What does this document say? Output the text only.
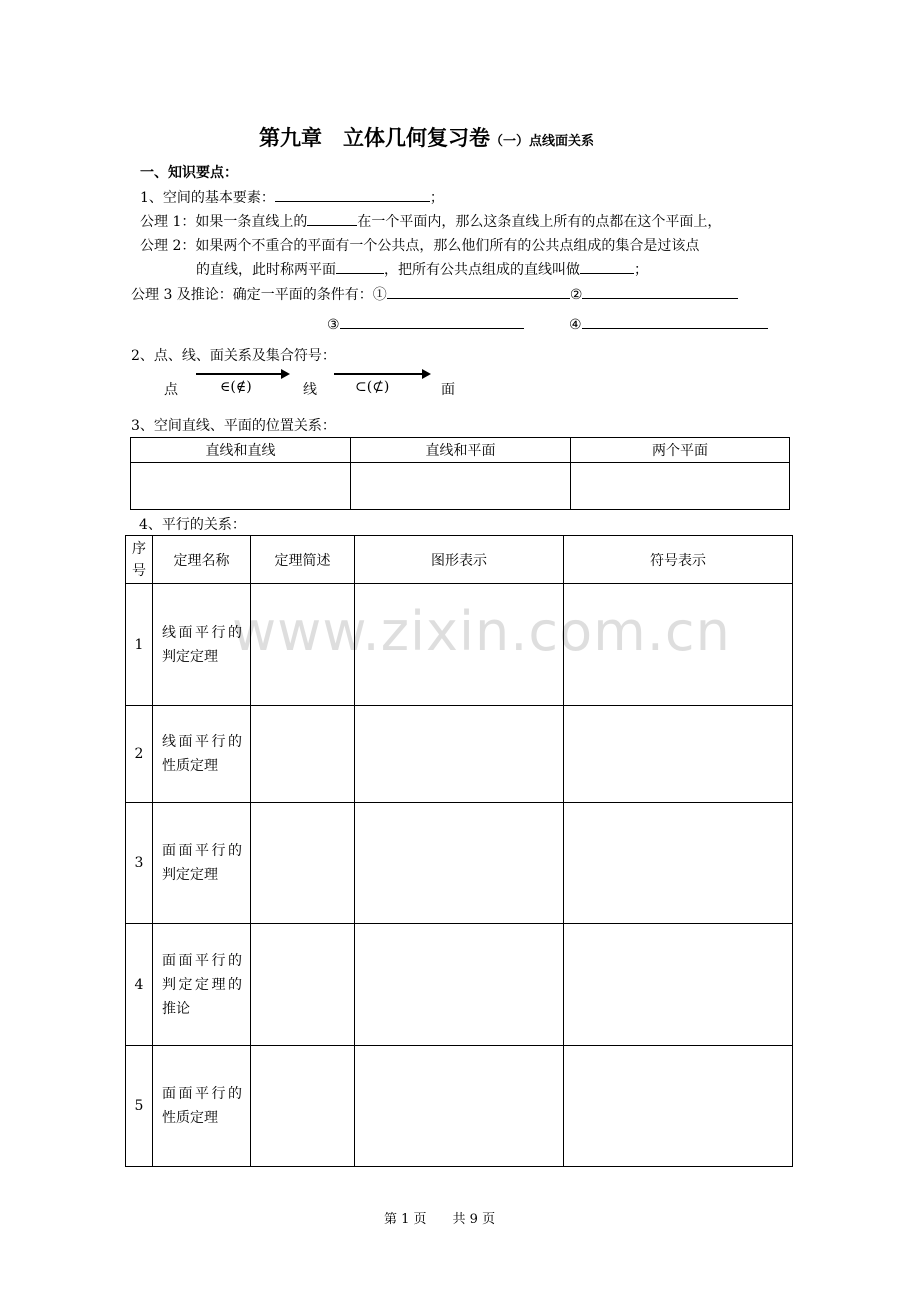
第九章　立体几何复习卷（一）点线面关系
一、知识要点：
1、空间的基本要素：	；
公理 1：如果一条直线上的	在一个平面内，那么这条直线上所有的点都在这个平面上，
公理 2：如果两个不重合的平面有一个公共点，那么他们所有的公共点组成的集合是过该点
的直线，此时称两平面	，把所有公共点组成的直线叫做	；
公理 3 及推论：确定一平面的条件有：①	②
③	④
2、点、线、面关系及集合符号：
点	∈(∉)	线	⊂(⊄)	面
3、空间直线、平面的位置关系：
直线和直线	直线和平面	两个平面

4、平行的关系：
序号	定理名称	定理简述	图形表示	符号表示
1	线面平行的判定定理			
2	线面平行的性质定理			
3	面面平行的判定定理			
4	面面平行的判定定理的推论			
5	面面平行的性质定理			
www.zixin.com.cn
第 1 页　　共 9 页
